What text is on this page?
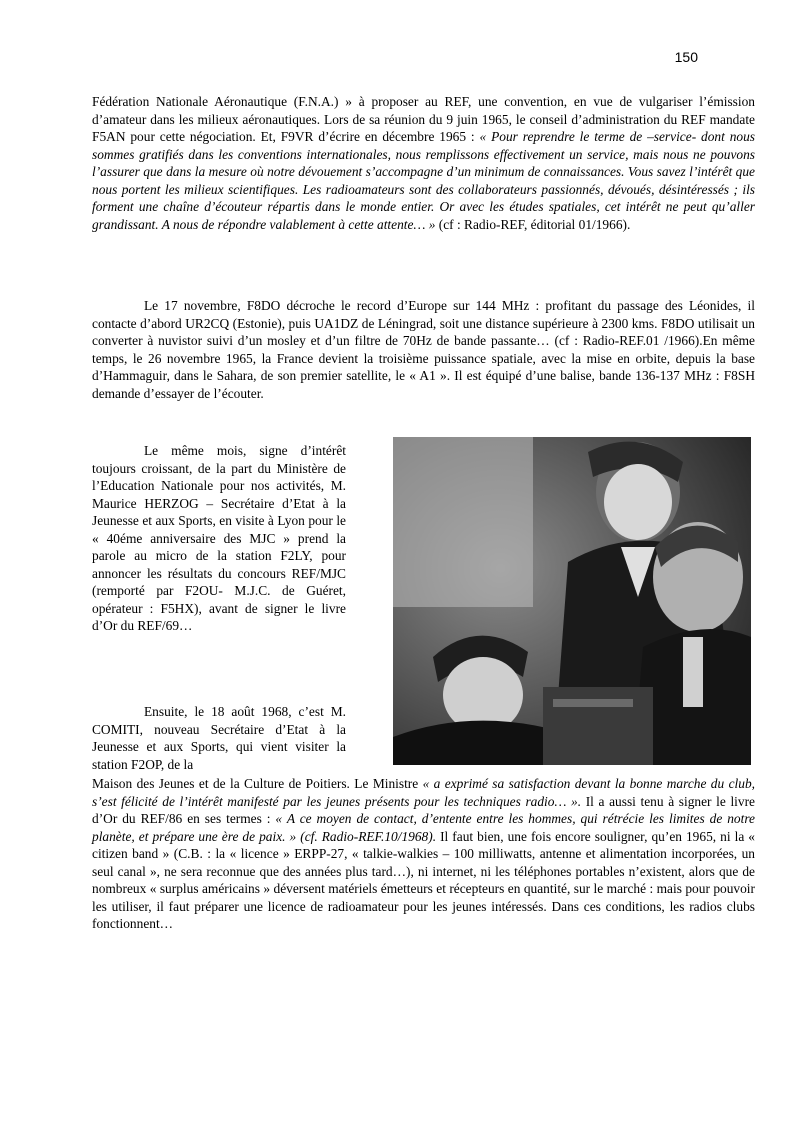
150
Fédération Nationale Aéronautique (F.N.A.) » à proposer au REF, une convention, en vue de vulgariser l’émission d’amateur dans les milieux aéronautiques. Lors de sa réunion du 9 juin 1965, le conseil d’administration du REF mandate F5AN pour cette négociation. Et, F9VR d’écrire en décembre 1965 : « Pour reprendre le terme de –service- dont nous sommes gratifiés dans les conventions internationales, nous remplissons effectivement un service, mais nous ne pouvons l’assurer que dans la mesure où notre dévouement s’accompagne d’un minimum de connaissances. Vous savez l’intérêt que nous portent les milieux scientifiques. Les radioamateurs sont des collaborateurs passionnés, dévoués, désintéressés ; ils forment une chaîne d’écouteur répartis dans le monde entier. Or avec les études spatiales, cet intérêt ne peut qu’aller grandissant. A nous de répondre valablement à cette attente… » (cf : Radio-REF, éditorial 01/1966).
Le 17 novembre, F8DO décroche le record d’Europe sur 144 MHz : profitant du passage des Léonides, il contacte d’abord UR2CQ (Estonie), puis UA1DZ de Léningrad, soit une distance supérieure à 2300 kms. F8DO utilisait un converter à nuvistor suivi d’un mosley et d’un filtre de 70Hz de bande passante… (cf : Radio-REF.01 /1966).En même temps, le 26 novembre 1965, la France devient la troisième puissance spatiale, avec la mise en orbite, depuis la base d’Hammaguir, dans le Sahara, de son premier satellite, le « A1 ». Il est équipé d’une balise, bande 136-137 MHz : F8SH demande d’essayer de l’écouter.
Le même mois, signe d’intérêt toujours croissant, de la part du Ministère de l’Education Nationale pour nos activités, M. Maurice HERZOG – Secrétaire d’Etat à la Jeunesse et aux Sports, en visite à Lyon pour le « 40éme anniversaire des MJC » prend la parole au micro de la station F2LY, pour annoncer les résultats du concours REF/MJC (remporté par F2OU- M.J.C. de Guéret, opérateur : F5HX), avant de signer le livre d’Or du REF/69…
Ensuite, le 18 août 1968, c’est M. COMITI, nouveau Secrétaire d’Etat à la Jeunesse et aux Sports, qui vient visiter la station F2OP, de la
Maison des Jeunes et de la Culture de Poitiers. Le Ministre « a exprimé sa satisfaction devant la bonne marche du club, s’est félicité de l’intérêt manifesté par les jeunes présents pour les techniques radio… ». Il a aussi tenu à signer le livre d’Or du REF/86 en ses termes : « A ce moyen de contact, d’entente entre les hommes, qui rétrécie les limites de notre planète, et prépare une ère de paix. » (cf. Radio-REF.10/1968). Il faut bien, une fois encore souligner, qu’en 1965, ni la « citizen band » (C.B. : la « licence » ERPP-27, « talkie-walkies – 100 milliwatts, antenne et alimentation incorporées, un seul canal », ne sera reconnue que des années plus tard…), ni internet, ni les téléphones portables n’existent, alors que de nombreux « surplus américains » déversent matériels émetteurs et récepteurs en quantité, sur le marché : mais pour pouvoir les utiliser, il faut préparer une licence de radioamateur pour les jeunes intéressés. Dans ces conditions, les radios clubs fonctionnent…
